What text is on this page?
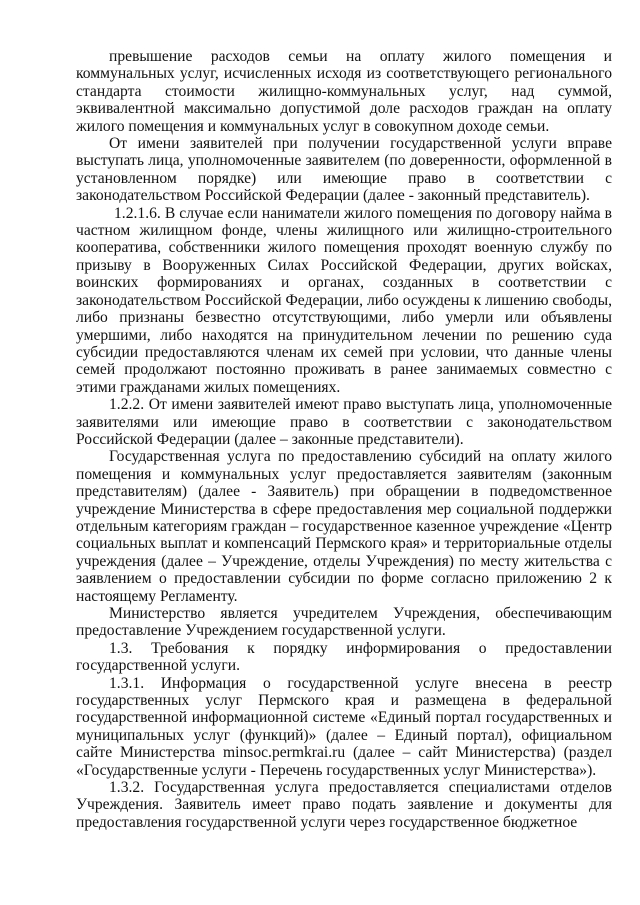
превышение расходов семьи на оплату жилого помещения и коммунальных услуг, исчисленных исходя из соответствующего регионального стандарта стоимости жилищно-коммунальных услуг, над суммой, эквивалентной максимально допустимой доле расходов граждан на оплату жилого помещения и коммунальных услуг в совокупном доходе семьи.

От имени заявителей при получении государственной услуги вправе выступать лица, уполномоченные заявителем (по доверенности, оформленной в установленном порядке) или имеющие право в соответствии с законодательством Российской Федерации (далее - законный представитель).

1.2.1.6. В случае если наниматели жилого помещения по договору найма в частном жилищном фонде, члены жилищного или жилищно-строительного кооператива, собственники жилого помещения проходят военную службу по призыву в Вооруженных Силах Российской Федерации, других войсках, воинских формированиях и органах, созданных в соответствии с законодательством Российской Федерации, либо осуждены к лишению свободы, либо признаны безвестно отсутствующими, либо умерли или объявлены умершими, либо находятся на принудительном лечении по решению суда субсидии предоставляются членам их семей при условии, что данные члены семей продолжают постоянно проживать в ранее занимаемых совместно с этими гражданами жилых помещениях.

1.2.2. От имени заявителей имеют право выступать лица, уполномоченные заявителями или имеющие право в соответствии с законодательством Российской Федерации (далее – законные представители).

Государственная услуга по предоставлению субсидий на оплату жилого помещения и коммунальных услуг предоставляется заявителям (законным представителям) (далее - Заявитель) при обращении в подведомственное учреждение Министерства в сфере предоставления мер социальной поддержки отдельным категориям граждан – государственное казенное учреждение «Центр социальных выплат и компенсаций Пермского края» и территориальные отделы учреждения (далее – Учреждение, отделы Учреждения) по месту жительства с заявлением о предоставлении субсидии по форме согласно приложению 2 к настоящему Регламенту.

Министерство является учредителем Учреждения, обеспечивающим предоставление Учреждением государственной услуги.

1.3. Требования к порядку информирования о предоставлении государственной услуги.

1.3.1. Информация о государственной услуге внесена в реестр государственных услуг Пермского края и размещена в федеральной государственной информационной системе «Единый портал государственных и муниципальных услуг (функций)» (далее – Единый портал), официальном сайте Министерства minsoc.permkrai.ru (далее – сайт Министерства) (раздел «Государственные услуги - Перечень государственных услуг Министерства»).

1.3.2. Государственная услуга предоставляется специалистами отделов Учреждения. Заявитель имеет право подать заявление и документы для предоставления государственной услуги через государственное бюджетное
